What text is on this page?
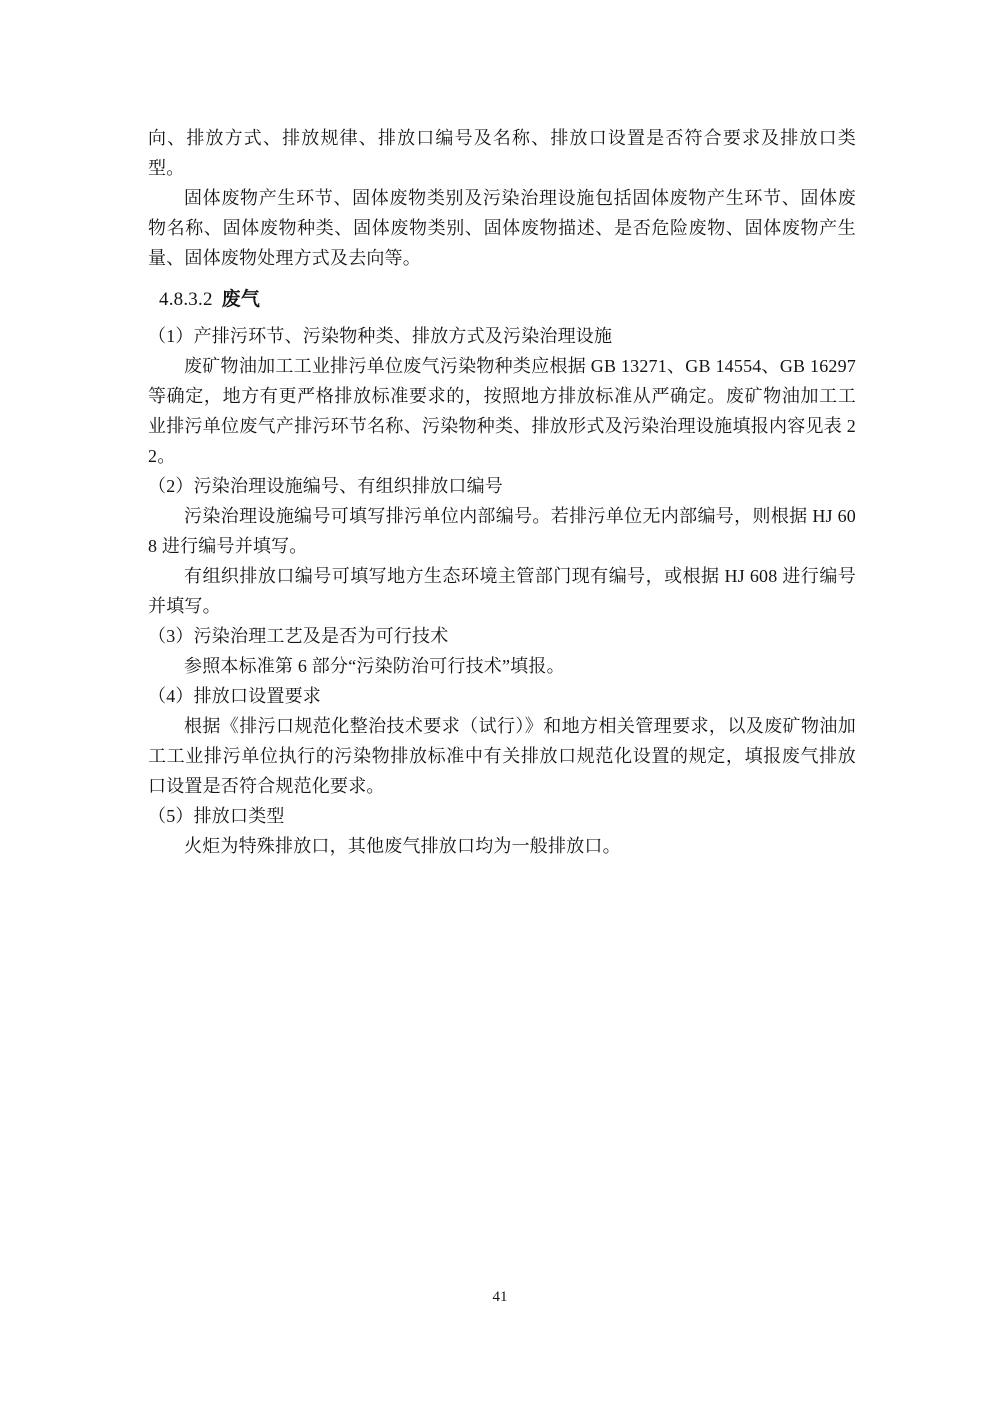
向、排放方式、排放规律、排放口编号及名称、排放口设置是否符合要求及排放口类型。

固体废物产生环节、固体废物类别及污染治理设施包括固体废物产生环节、固体废物名称、固体废物种类、固体废物类别、固体废物描述、是否危险废物、固体废物产生量、固体废物处理方式及去向等。

4.8.3.2 废气

（1）产排污环节、污染物种类、排放方式及污染治理设施

废矿物油加工工业排污单位废气污染物种类应根据 GB 13271、GB 14554、GB 16297 等确定，地方有更严格排放标准要求的，按照地方排放标准从严确定。废矿物油加工工业排污单位废气产排污环节名称、污染物种类、排放形式及污染治理设施填报内容见表 22。

（2）污染治理设施编号、有组织排放口编号

污染治理设施编号可填写排污单位内部编号。若排污单位无内部编号，则根据 HJ 608 进行编号并填写。

有组织排放口编号可填写地方生态环境主管部门现有编号，或根据 HJ 608 进行编号并填写。

（3）污染治理工艺及是否为可行技术

参照本标准第 6 部分“污染防治可行技术”填报。

（4）排放口设置要求

根据《排污口规范化整治技术要求（试行）》和地方相关管理要求，以及废矿物油加工工业排污单位执行的污染物排放标准中有关排放口规范化设置的规定，填报废气排放口设置是否符合规范化要求。

（5）排放口类型

火炬为特殊排放口，其他废气排放口均为一般排放口。

41
